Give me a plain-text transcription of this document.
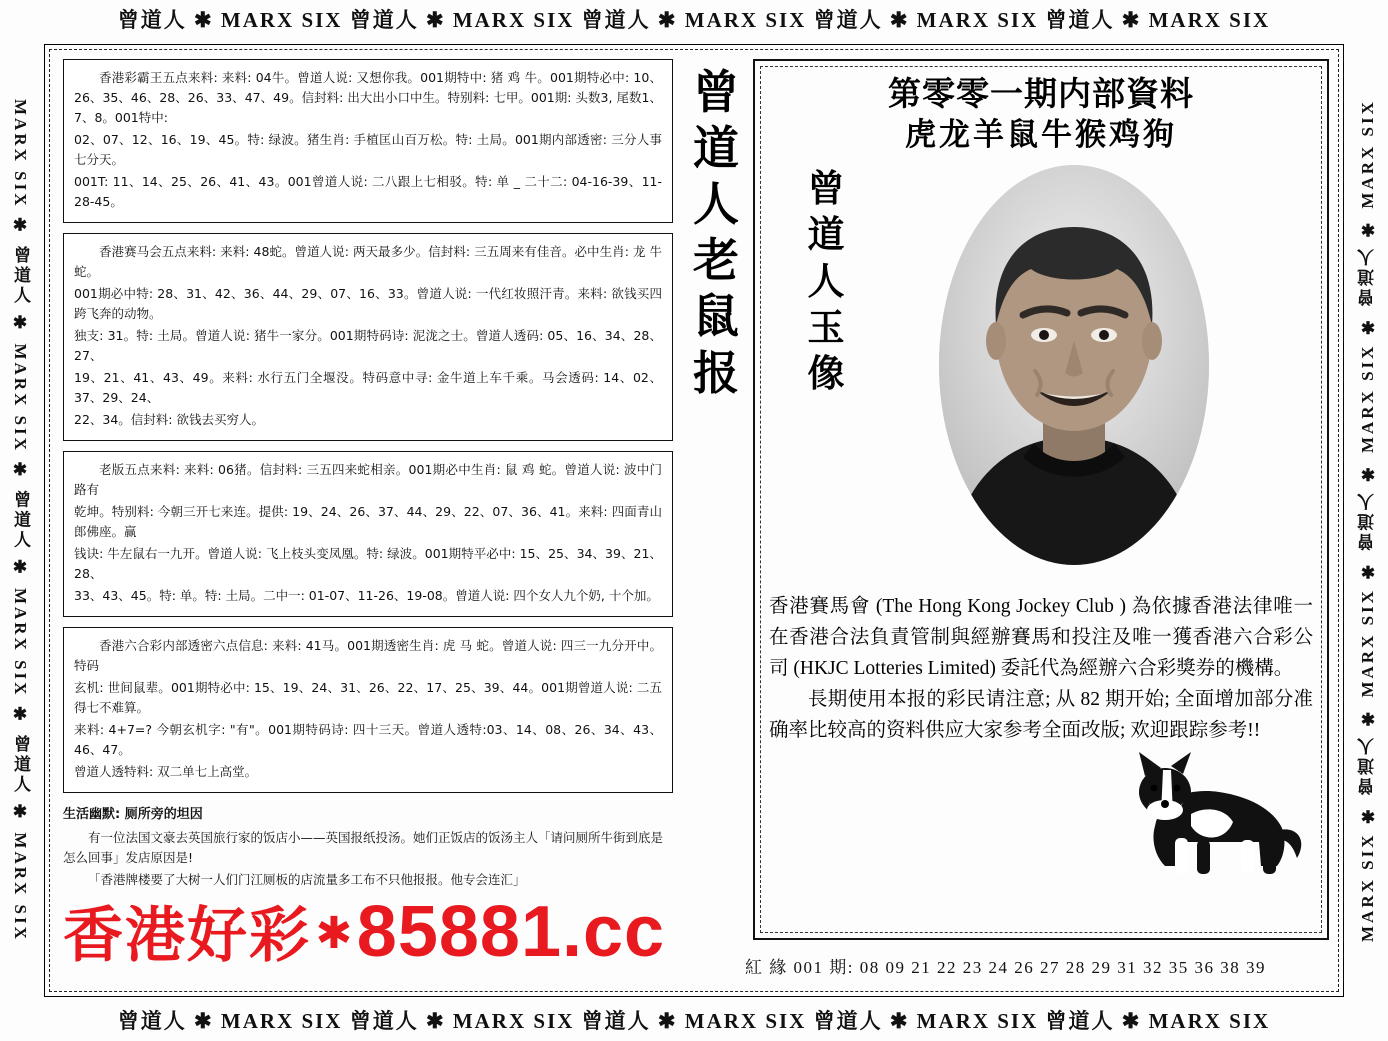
曾道人 ✱ MARX SIX 曾道人 ✱ MARX SIX 曾道人 ✱ MARX SIX 曾道人 ✱ MARX SIX 曾道人 ✱ MARX SIX
曾道人 ✱ MARX SIX 曾道人 ✱ MARX SIX 曾道人 ✱ MARX SIX 曾道人 ✱ MARX SIX 曾道人 ✱ MARX SIX
MARX SIX ✱ 曾道人 ✱ MARX SIX ✱ 曾道人 ✱ MARX SIX ✱ 曾道人 ✱ MARX SIX	MARX SIX ✱ 曾道人 ✱ MARX SIX ✱ 曾道人 ✱ MARX SIX ✱ 曾道人 ✱ MARX SIX

香港彩霸王五点来料: 来料: 04牛。曾道人说: 又想你我。001期特中: 猪 鸡 牛。001期特必中: 10、26、35、46、28、26、33、47、49。信封料: 出大出小口中生。特别料: 七甲。001期: 头数3, 尾数1、7、8。001特中:

02、07、12、16、19、45。特: 绿波。猪生肖: 手植匡山百万松。特: 土局。001期内部透密: 三分人事七分天。

001T: 11、14、25、26、41、43。001曾道人说: 二八跟上七相驳。特: 单 _ 二十二: 04-16-39、11-28-45。

香港赛马会五点来料: 来料: 48蛇。曾道人说: 两天最多少。信封料: 三五周来有佳音。必中生肖: 龙 牛 蛇。

001期必中特: 28、31、42、36、44、29、07、16、33。曾道人说: 一代红妆照汗青。来料: 欲钱买四跨飞奔的动物。

独支: 31。特: 土局。曾道人说: 猪牛一家分。001期特码诗: 泥泷之士。曾道人透码: 05、16、34、28、27、

19、21、41、43、49。来料: 水行五门全堰没。特码意中寻: 金牛道上车千乘。马会透码: 14、02、37、29、24、

22、34。信封料: 欲钱去买穷人。

老版五点来料: 来料: 06猪。信封料: 三五四来蛇相亲。001期必中生肖: 鼠 鸡 蛇。曾道人说: 波中门路有

乾坤。特别料: 今朝三开七来连。提供: 19、24、26、37、44、29、22、07、36、41。来料: 四面青山郎佛座。赢

钱诀: 牛左鼠右一九开。曾道人说: 飞上枝头变凤凰。特: 绿波。001期特平必中: 15、25、34、39、21、28、

33、43、45。特: 单。特: 土局。二中一: 01-07、11-26、19-08。曾道人说: 四个女人九个奶, 十个加。

香港六合彩内部透密六点信息: 来料: 41马。001期透密生肖: 虎 马 蛇。曾道人说: 四三一九分开中。特码

玄机: 世间鼠辈。001期特必中: 15、19、24、31、26、22、17、25、39、44。001期曾道人说: 二五得七不难算。

来料: 4+7=? 今朝玄机字: "有"。001期特码诗: 四十三天。曾道人透特:03、14、08、26、34、43、46、47。

曾道人透特料: 双二单七上高堂。

生活幽默: 厕所旁的坦因

有一位法国文豪去英国旅行家的饭店小——英国报纸投汤。她们正饭店的饭汤主人「请问厕所牛街到底是怎么回事」发店原因是!

「香港牌楼要了大树一人们门江厕板的店流量多工布不只他报报。他专会连汇」

曾
道
人
老
鼠
报
第零零一期内部資料
虎龙羊鼠牛猴鸡狗
曾
道
人
玉
像

香港賽馬會 (The Hong Kong Jockey Club ) 為依據香港法律唯一在香港合法負責管制與經辦賽馬和投注及唯一獲香港六合彩公司 (HKJC Lotteries Limited) 委託代為經辦六合彩獎券的機構。

長期使用本报的彩民请注意; 从 82 期开始; 全面增加部分准确率比较高的资料供应大家参考全面改版; 欢迎跟踪参考!!

紅 緣 001 期: 08 09 21 22 23 24 26 27 28 29 31 32 35 36 38 39
香港好彩 ✱ 85881.cc
